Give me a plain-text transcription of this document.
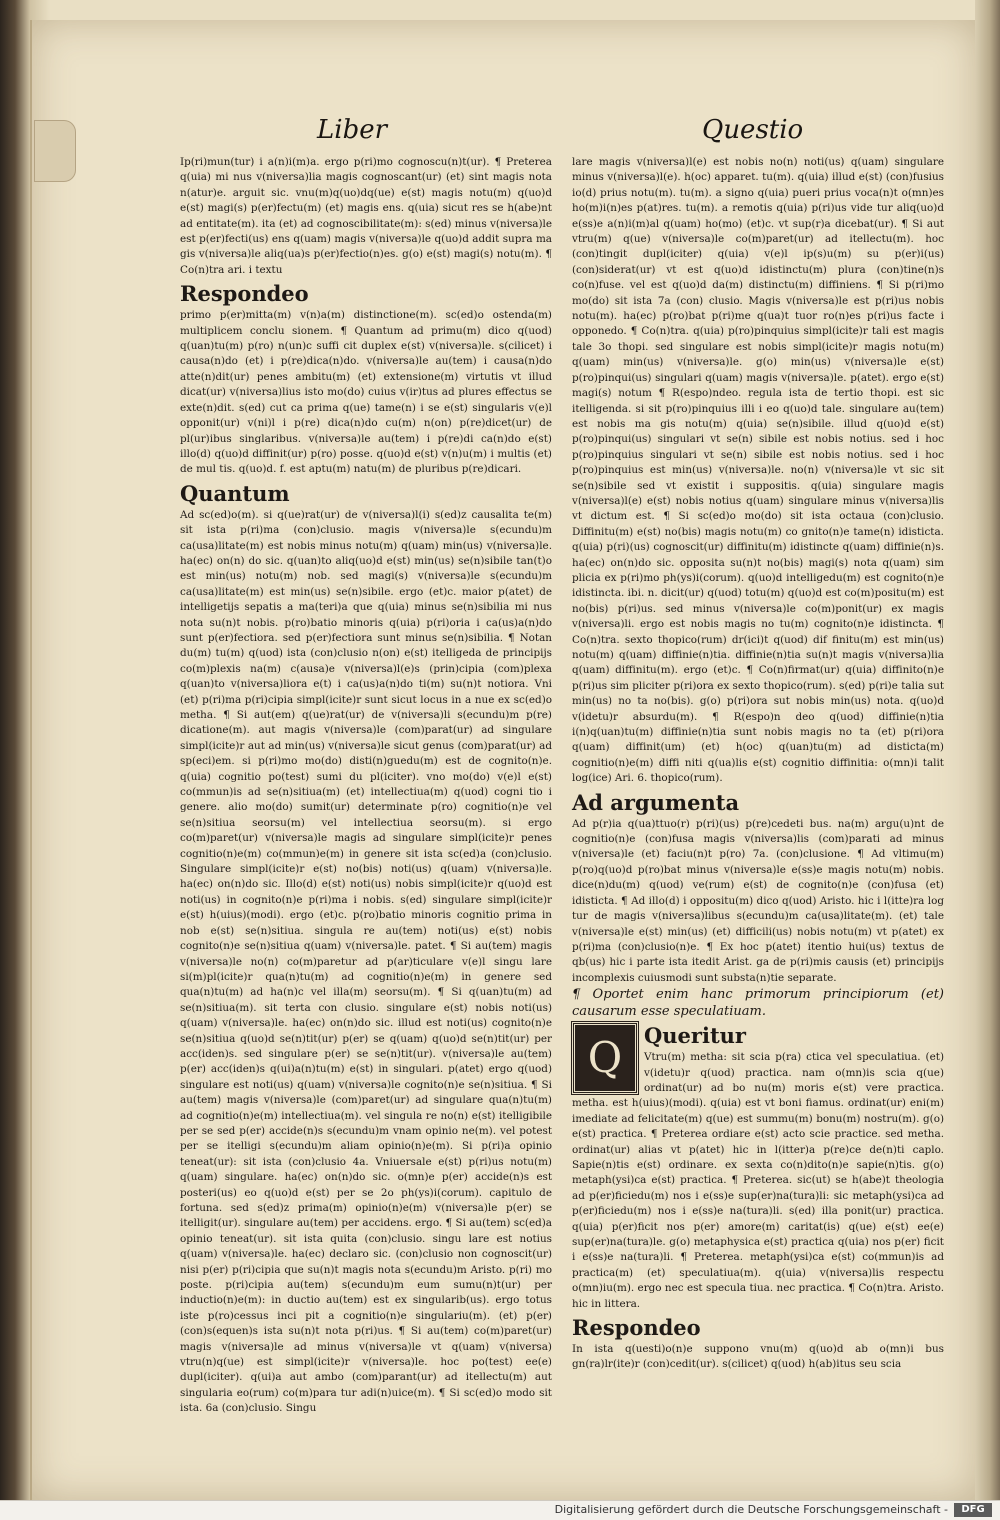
Liber	Questio

Ip(ri)mun(tur) i a(n)i(m)a. ergo p(ri)mo cognoscu(n)t(ur). ¶ Preterea q(uia) mi nus v(niversa)lia magis cognoscant(ur) (et) sint magis nota n(atur)e. arguit sic. vnu(m)q(uo)dq(ue) e(st) magis notu(m) q(uo)d e(st) magi(s) p(er)fectu(m) (et) magis ens. q(uia) sicut res se h(abe)nt ad entitate(m). ita (et) ad cognoscibilitate(m): s(ed) minus v(niversa)le est p(er)fecti(us) ens q(uam) magis v(niversa)le q(uo)d addit supra ma gis v(niversa)le aliq(ua)s p(er)fectio(n)es. g(o) e(st) magi(s) notu(m). ¶ Co(n)tra ari. i textu

Respondeo

primo p(er)mitta(m) v(n)a(m) distinctione(m). sc(ed)o ostenda(m) multiplicem conclu sionem. ¶ Quantum ad primu(m) dico q(uod) q(uan)tu(m) p(ro) n(un)c suffi cit duplex e(st) v(niversa)le. s(cilicet) i causa(n)do (et) i p(re)dica(n)do. v(niversa)le au(tem) i causa(n)do atte(n)dit(ur) penes ambitu(m) (et) extensione(m) virtutis vt illud dicat(ur) v(niversa)lius isto mo(do) cuius v(ir)tus ad plures effectus se exte(n)dit. s(ed) cut ca prima q(ue) tame(n) i se e(st) singularis v(e)l opponit(ur) v(ni)l i p(re) dica(n)do cu(m) n(on) p(re)dicet(ur) de pl(ur)ibus singlaribus. v(niversa)le au(tem) i p(re)di ca(n)do e(st) illo(d) q(uo)d diffinit(ur) p(ro) posse. q(uo)d e(st) v(n)u(m) i multis (et) de mul tis. q(uo)d. f. est aptu(m) natu(m) de pluribus p(re)dicari.

Quantum

Ad sc(ed)o(m). si q(ue)rat(ur) de v(niversa)l(i) s(ed)z causalita te(m) sit ista p(ri)ma (con)clusio. magis v(niversa)le s(ecundu)m ca(usa)litate(m) est nobis minus notu(m) q(uam) min(us) v(niversa)le. ha(ec) on(n) do sic. q(uan)to aliq(uo)d e(st) min(us) se(n)sibile tan(t)o est min(us) notu(m) nob. sed magi(s) v(niversa)le s(ecundu)m ca(usa)litate(m) est min(us) se(n)sibile. ergo (et)c. maior p(atet) de intelligetijs sepatis a ma(teri)a que q(uia) minus se(n)sibilia mi nus nota su(n)t nobis. p(ro)batio minoris q(uia) p(ri)oria i ca(us)a(n)do sunt p(er)fectiora. sed p(er)fectiora sunt minus se(n)sibilia. ¶ Notan du(m) tu(m) q(uod) ista (con)clusio n(on) e(st) itelligeda de principijs co(m)plexis na(m) c(ausa)e v(niversa)l(e)s (prin)cipia (com)plexa q(uan)to v(niversa)liora e(t) i ca(us)a(n)do ti(m) su(n)t notiora. Vni (et) p(ri)ma p(ri)cipia simpl(icite)r sunt sicut locus in a nue ex sc(ed)o metha. ¶ Si aut(em) q(ue)rat(ur) de v(niversa)li s(ecundu)m p(re) dicatione(m). aut magis v(niversa)le (com)parat(ur) ad singulare simpl(icite)r aut ad min(us) v(niversa)le sicut genus (com)parat(ur) ad sp(eci)em. si p(ri)mo mo(do) disti(n)guedu(m) est de cognito(n)e. q(uia) cognitio po(test) sumi du pl(iciter). vno mo(do) v(e)l e(st) co(mmun)is ad se(n)sitiua(m) (et) intellectiua(m) q(uod) cogni tio i genere. alio mo(do) sumit(ur) determinate p(ro) cognitio(n)e vel se(n)sitiua seorsu(m) vel intellectiua seorsu(m). si ergo co(m)paret(ur) v(niversa)le magis ad singulare simpl(icite)r penes cognitio(n)e(m) co(mmun)e(m) in genere sit ista sc(ed)a (con)clusio. Singulare simpl(icite)r e(st) no(bis) noti(us) q(uam) v(niversa)le. ha(ec) on(n)do sic. Illo(d) e(st) noti(us) nobis simpl(icite)r q(uo)d est noti(us) in cognito(n)e p(ri)ma i nobis. s(ed) singulare simpl(icite)r e(st) h(uius)(modi). ergo (et)c. p(ro)batio minoris cognitio prima in nob e(st) se(n)sitiua. singula re au(tem) noti(us) e(st) nobis cognito(n)e se(n)sitiua q(uam) v(niversa)le. patet. ¶ Si au(tem) magis v(niversa)le no(n) co(m)paretur ad p(ar)ticulare v(e)l singu lare si(m)pl(icite)r qua(n)tu(m) ad cognitio(n)e(m) in genere sed qua(n)tu(m) ad ha(n)c vel illa(m) seorsu(m). ¶ Si q(uan)tu(m) ad se(n)sitiua(m). sit terta con clusio. singulare e(st) nobis noti(us) q(uam) v(niversa)le. ha(ec) on(n)do sic. illud est noti(us) cognito(n)e se(n)sitiua q(uo)d se(n)tit(ur) p(er) se q(uam) q(uo)d se(n)tit(ur) per acc(iden)s. sed singulare p(er) se se(n)tit(ur). v(niversa)le au(tem) p(er) acc(iden)s q(ui)a(n)tu(m) e(st) in singulari. p(atet) ergo q(uod) singulare est noti(us) q(uam) v(niversa)le cognito(n)e se(n)sitiua. ¶ Si au(tem) magis v(niversa)le (com)paret(ur) ad singulare qua(n)tu(m) ad cognitio(n)e(m) intellectiua(m). vel singula re no(n) e(st) itelligibile per se sed p(er) accide(n)s s(ecundu)m vnam opinio ne(m). vel potest per se itelligi s(ecundu)m aliam opinio(n)e(m). Si p(ri)a opinio teneat(ur): sit ista (con)clusio 4a. Vniuersale e(st) p(ri)us notu(m) q(uam) singulare. ha(ec) on(n)do sic. o(mn)e p(er) accide(n)s est posteri(us) eo q(uo)d e(st) per se 2o ph(ys)i(corum). capitulo de fortuna. sed s(ed)z prima(m) opinio(n)e(m) v(niversa)le p(er) se itelligit(ur). singulare au(tem) per accidens. ergo. ¶ Si au(tem) sc(ed)a opinio teneat(ur). sit ista quita (con)clusio. singu lare est notius q(uam) v(niversa)le. ha(ec) declaro sic. (con)clusio non cognoscit(ur) nisi p(er) p(ri)cipia que su(n)t magis nota s(ecundu)m Aristo. p(ri) mo poste. p(ri)cipia au(tem) s(ecundu)m eum sumu(n)t(ur) per inductio(n)e(m): in ductio au(tem) est ex singularib(us). ergo totus iste p(ro)cessus inci pit a cognitio(n)e singulariu(m). (et) p(er) (con)s(equen)s ista su(n)t nota p(ri)us. ¶ Si au(tem) co(m)paret(ur) magis v(niversa)le ad minus v(niversa)le vt q(uam) v(niversa) vtru(n)q(ue) est simpl(icite)r v(niversa)le. hoc po(test) ee(e) dupl(iciter). q(ui)a aut ambo (com)parant(ur) ad itellectu(m) aut singularia eo(rum) co(m)para tur adi(n)uice(m). ¶ Si sc(ed)o modo sit ista. 6a (con)clusio. Singu

lare magis v(niversa)l(e) est nobis no(n) noti(us) q(uam) singulare minus v(niversa)l(e). h(oc) apparet. tu(m). q(uia) illud e(st) (con)fusius io(d) prius notu(m). tu(m). a signo q(uia) pueri prius voca(n)t o(mn)es ho(m)i(n)es p(at)res. tu(m). a remotis q(uia) p(ri)us vide tur aliq(uo)d e(ss)e a(n)i(m)al q(uam) ho(mo) (et)c. vt sup(r)a dicebat(ur). ¶ Si aut vtru(m) q(ue) v(niversa)le co(m)paret(ur) ad itellectu(m). hoc (con)tingit dupl(iciter) q(uia) v(e)l ip(s)u(m) su p(er)i(us) (con)siderat(ur) vt est q(uo)d idistinctu(m) plura (con)tine(n)s co(n)fuse. vel est q(uo)d da(m) distinctu(m) diffiniens. ¶ Si p(ri)mo mo(do) sit ista 7a (con) clusio. Magis v(niversa)le est p(ri)us nobis notu(m). ha(ec) p(ro)bat p(ri)me q(ua)t tuor ro(n)es p(ri)us facte i opponedo. ¶ Co(n)tra. q(uia) p(ro)pinquius simpl(icite)r tali est magis tale 3o thopi. sed singulare est nobis simpl(icite)r magis notu(m) q(uam) min(us) v(niversa)le. g(o) min(us) v(niversa)le e(st) p(ro)pinqui(us) singulari q(uam) magis v(niversa)le. p(atet). ergo e(st) magi(s) notum ¶ R(espo)ndeo. regula ista de tertio thopi. est sic itelligenda. si sit p(ro)pinquius illi i eo q(uo)d tale. singulare au(tem) est nobis ma gis notu(m) q(uia) se(n)sibile. illud q(uo)d e(st) p(ro)pinqui(us) singulari vt se(n) sibile est nobis notius. sed i hoc p(ro)pinquius singulari vt se(n) sibile est nobis notius. sed i hoc p(ro)pinquius est min(us) v(niversa)le. no(n) v(niversa)le vt sic sit se(n)sibile sed vt existit i suppositis. q(uia) singulare magis v(niversa)l(e) e(st) nobis notius q(uam) singulare minus v(niversa)lis vt dictum est. ¶ Si sc(ed)o mo(do) sit ista octaua (con)clusio. Diffinitu(m) e(st) no(bis) magis notu(m) co gnito(n)e tame(n) idisticta. q(uia) p(ri)(us) cognoscit(ur) diffinitu(m) idistincte q(uam) diffinie(n)s. ha(ec) on(n)do sic. opposita su(n)t no(bis) magi(s) nota q(uam) sim plicia ex p(ri)mo ph(ys)i(corum). q(uo)d intelligedu(m) est cognito(n)e idistincta. ibi. n. dicit(ur) q(uod) totu(m) q(uo)d est co(m)positu(m) est no(bis) p(ri)us. sed minus v(niversa)le co(m)ponit(ur) ex magis v(niversa)li. ergo est nobis magis no tu(m) cognito(n)e idistincta. ¶ Co(n)tra. sexto thopico(rum) dr(ici)t q(uod) dif finitu(m) est min(us) notu(m) q(uam) diffinie(n)tia. diffinie(n)tia su(n)t magis v(niversa)lia q(uam) diffinitu(m). ergo (et)c. ¶ Co(n)firmat(ur) q(uia) diffinito(n)e p(ri)us sim pliciter p(ri)ora ex sexto thopico(rum). s(ed) p(ri)e talia sut min(us) no ta no(bis). g(o) p(ri)ora sut nobis min(us) nota. q(uo)d v(idetu)r absurdu(m). ¶ R(espo)n deo q(uod) diffinie(n)tia i(n)q(uan)tu(m) diffinie(n)tia sunt nobis magis no ta (et) p(ri)ora q(uam) diffinit(um) (et) h(oc) q(uan)tu(m) ad disticta(m) cognitio(n)e(m) diffi niti q(ua)lis e(st) cognitio diffinitia: o(mn)i talit log(ice) Ari. 6. thopico(rum).

Ad argumenta

Ad p(r)ia q(ua)ttuo(r) p(ri)(us) p(re)cedeti bus. na(m) argu(u)nt de cognitio(n)e (con)fusa magis v(niversa)lis (com)parati ad minus v(niversa)le (et) faciu(n)t p(ro) 7a. (con)clusione. ¶ Ad vltimu(m) p(ro)q(uo)d p(ro)bat minus v(niversa)le e(ss)e magis notu(m) nobis. dice(n)du(m) q(uod) ve(rum) e(st) de cognito(n)e (con)fusa (et) idisticta. ¶ Ad illo(d) i oppositu(m) dico q(uod) Aristo. hic i l(itte)ra log tur de magis v(niversa)libus s(ecundu)m ca(usa)litate(m). (et) tale v(niversa)le e(st) min(us) (et) difficili(us) nobis notu(m) vt p(atet) ex p(ri)ma (con)clusio(n)e. ¶ Ex hoc p(atet) itentio hui(us) textus de qb(us) hic i parte ista itedit Arist. ga de p(ri)mis causis (et) principijs incomplexis cuiusmodi sunt substa(n)tie separate.

¶ Oportet enim hanc primorum principiorum (et) causarum esse speculatiuam.

Q	Queritur

Vtru(m) metha: sit scia p(ra) ctica vel speculatiua. (et) v(idetu)r q(uod) practica. nam o(mn)is scia q(ue) ordinat(ur) ad bo nu(m) moris e(st) vere practica. metha. est h(uius)(modi). q(uia) est vt boni fiamus. ordinat(ur) eni(m) imediate ad felicitate(m) q(ue) est summu(m) bonu(m) nostru(m). g(o) e(st) practica. ¶ Preterea ordiare e(st) acto scie practice. sed metha. ordinat(ur) alias vt p(atet) hic in l(itter)a p(re)ce de(n)ti caplo. Sapie(n)tis e(st) ordinare. ex sexta co(n)dito(n)e sapie(n)tis. g(o) metaph(ysi)ca e(st) practica. ¶ Preterea. sic(ut) se h(abe)t theologia ad p(er)ficiedu(m) nos i e(ss)e sup(er)na(tura)li: sic metaph(ysi)ca ad p(er)ficiedu(m) nos i e(ss)e na(tura)li. s(ed) illa ponit(ur) practica. q(uia) p(er)ficit nos p(er) amore(m) caritat(is) q(ue) e(st) ee(e) sup(er)na(tura)le. g(o) metaphysica e(st) practica q(uia) nos p(er) ficit i e(ss)e na(tura)li. ¶ Preterea. metaph(ysi)ca e(st) co(mmun)is ad practica(m) (et) speculatiua(m). q(uia) v(niversa)lis respectu o(mn)iu(m). ergo nec est specula tiua. nec practica. ¶ Co(n)tra. Aristo. hic in littera.

Respondeo

In ista q(uesti)o(n)e suppono vnu(m) q(uo)d ab o(mn)i bus gn(ra)lr(ite)r (con)cedit(ur). s(cilicet) q(uod) h(ab)itus seu scia

Digitalisierung gefördert durch die Deutsche Forschungsgemeinschaft -	DFG
